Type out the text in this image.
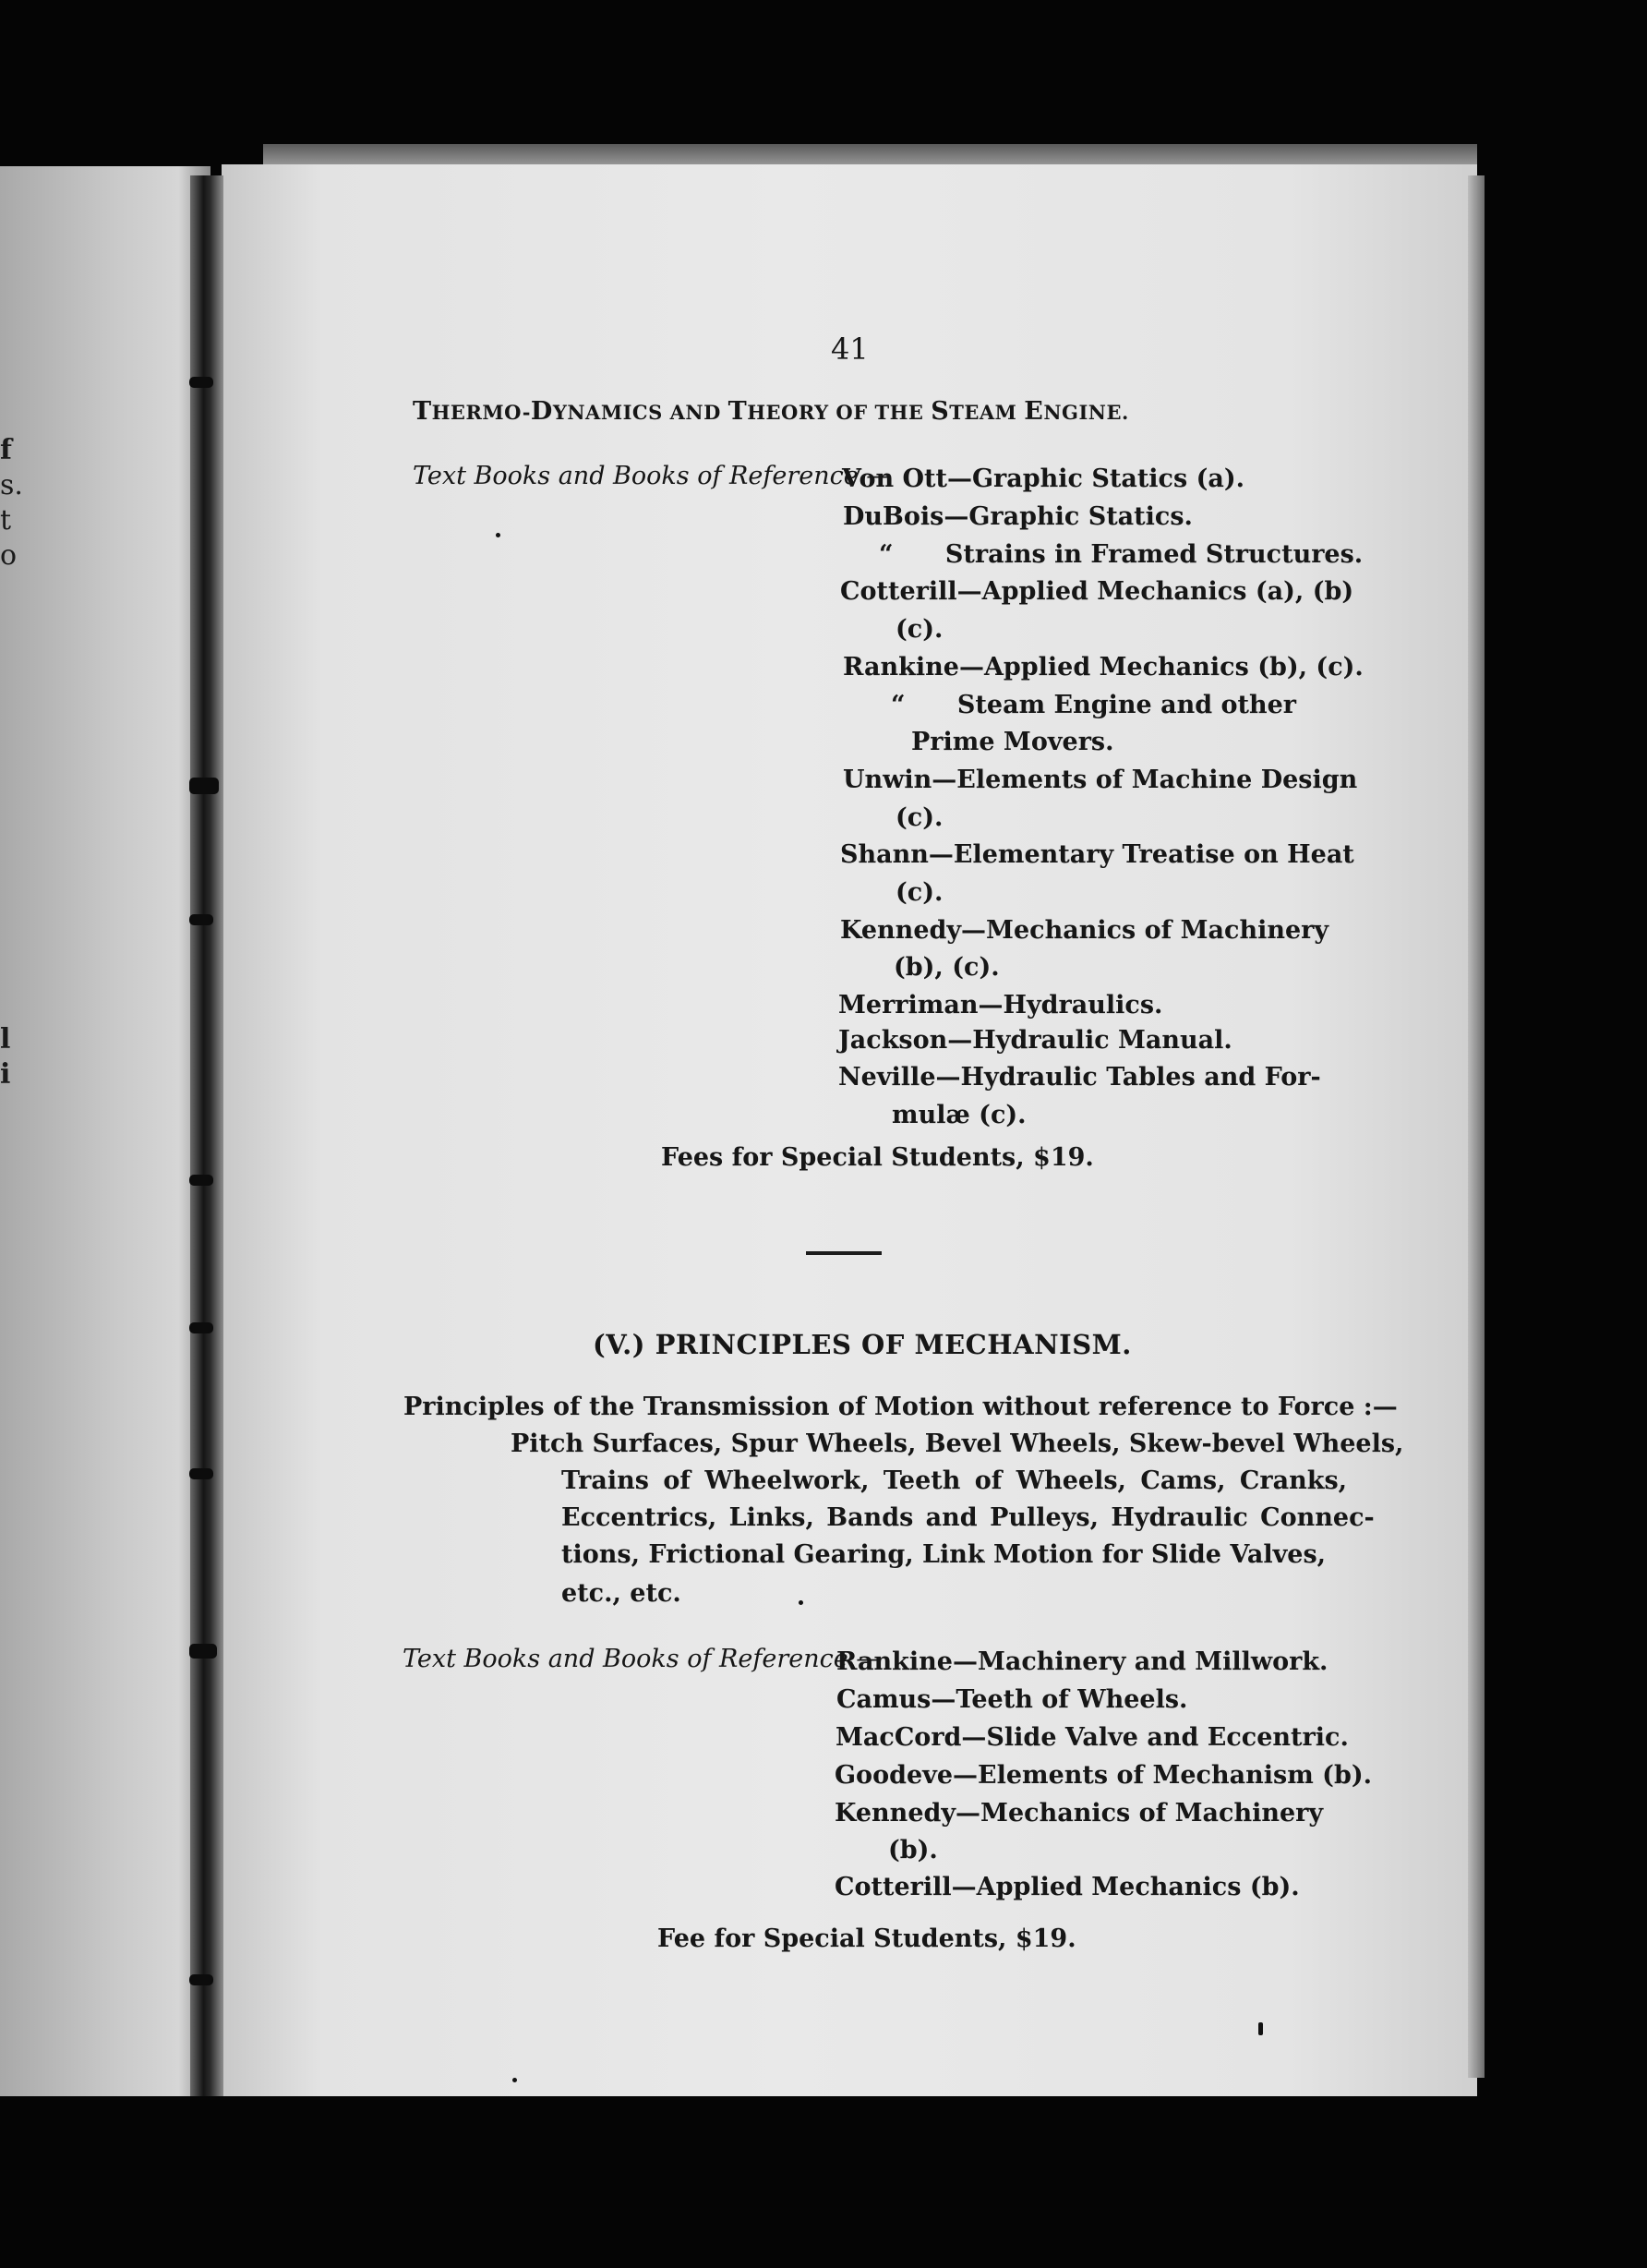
f
s.
t
o
l
i
41
THERMO-DYNAMICS AND THEORY OF THE STEAM ENGINE.
Text Books and Books of Reference.—
Von Ott—Graphic Statics (a).
DuBois—Graphic Statics.
“      Strains in Framed Structures.
Cotterill—Applied Mechanics (a), (b)
(c).
Rankine—Applied Mechanics (b), (c).
“      Steam Engine and other
Prime Movers.
Unwin—Elements of Machine Design
(c).
Shann—Elementary Treatise on Heat
(c).
Kennedy—Mechanics of Machinery
(b), (c).
Merriman—Hydraulics.
Jackson—Hydraulic Manual.
Neville—Hydraulic Tables and For-
mulæ (c).
Fees for Special Students, $19.
(V.) PRINCIPLES OF MECHANISM.
Principles of the Transmission of Motion without reference to Force :—
Pitch Surfaces, Spur Wheels, Bevel Wheels, Skew-bevel Wheels,
Trains of Wheelwork, Teeth of Wheels, Cams, Cranks,
Eccentrics, Links, Bands and Pulleys, Hydraulic Connec-
tions, Frictional Gearing, Link Motion for Slide Valves,
etc., etc.
Text Books and Books of Reference.—
Rankine—Machinery and Millwork.
Camus—Teeth of Wheels.
MacCord—Slide Valve and Eccentric.
Goodeve—Elements of Mechanism (b).
Kennedy—Mechanics of Machinery
(b).
Cotterill—Applied Mechanics (b).
Fee for Special Students, $19.
